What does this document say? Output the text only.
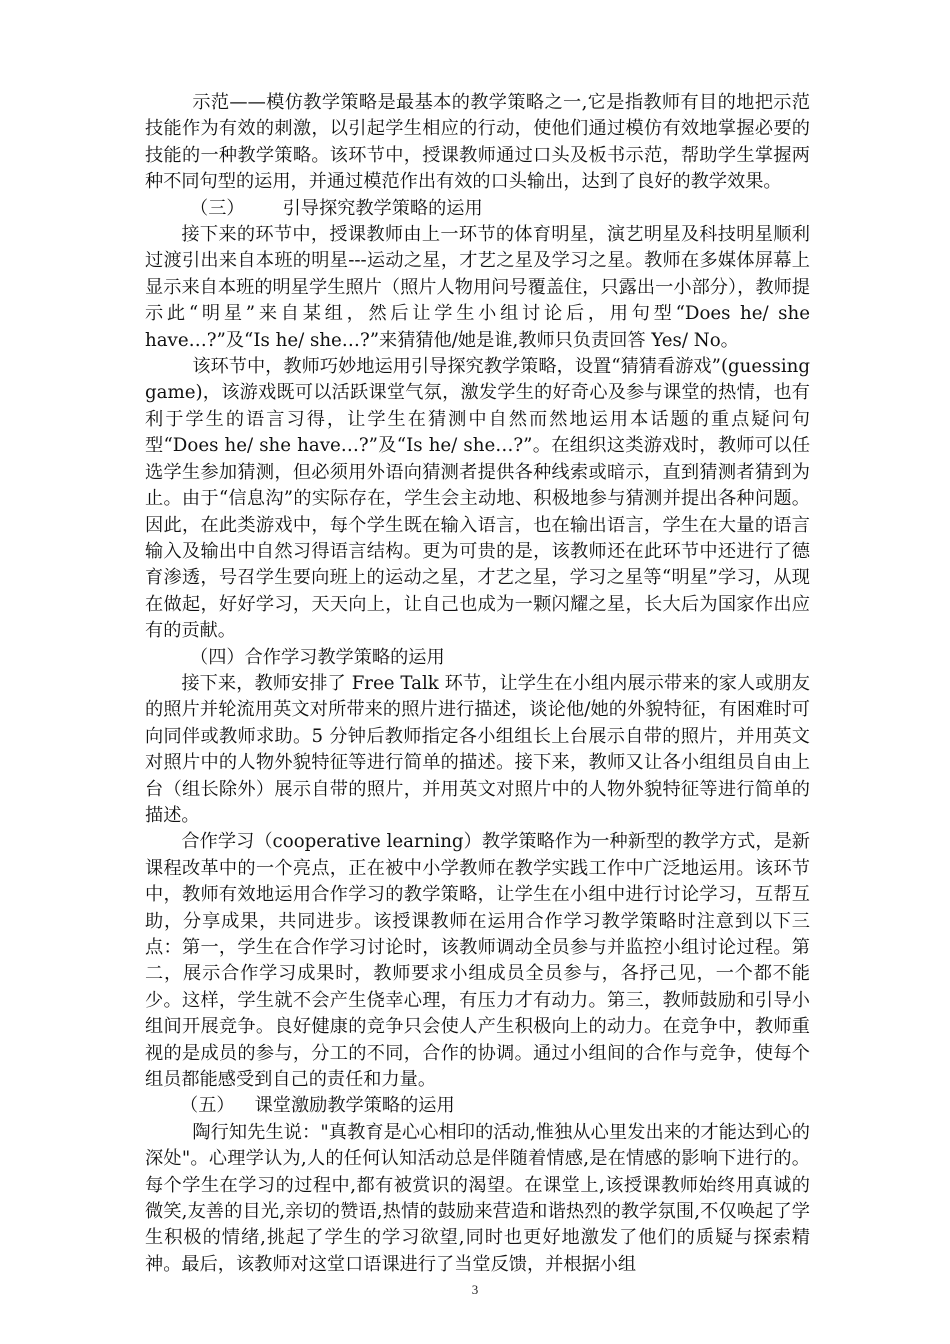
示范——模仿教学策略是最基本的教学策略之一,它是指教师有目的地把示范技能作为有效的刺激，以引起学生相应的行动，使他们通过模仿有效地掌握必要的技能的一种教学策略。该环节中，授课教师通过口头及板书示范，帮助学生掌握两种不同句型的运用，并通过模范作出有效的口头输出，达到了良好的教学效果。

（三） 引导探究教学策略的运用

接下来的环节中，授课教师由上一环节的体育明星，演艺明星及科技明星顺利过渡引出来自本班的明星---运动之星，才艺之星及学习之星。教师在多媒体屏幕上显示来自本班的明星学生照片（照片人物用问号覆盖住，只露出一小部分），教师提示此“明星”来自某组，然后让学生小组讨论后，用句型“Does he/ she have…?”及“Is he/ she…?”来猜猜他/她是谁,教师只负责回答 Yes/ No。

该环节中，教师巧妙地运用引导探究教学策略，设置“猜猜看游戏”(guessing game)，该游戏既可以活跃课堂气氛，激发学生的好奇心及参与课堂的热情，也有利于学生的语言习得，让学生在猜测中自然而然地运用本话题的重点疑问句型“Does he/ she have…?”及“Is he/ she…?”。在组织这类游戏时，教师可以任选学生参加猜测，但必须用外语向猜测者提供各种线索或暗示，直到猜测者猜到为止。由于“信息沟”的实际存在，学生会主动地、积极地参与猜测并提出各种问题。因此，在此类游戏中，每个学生既在输入语言，也在输出语言，学生在大量的语言输入及输出中自然习得语言结构。更为可贵的是，该教师还在此环节中还进行了德育渗透，号召学生要向班上的运动之星，才艺之星，学习之星等“明星”学习，从现在做起，好好学习，天天向上，让自己也成为一颗闪耀之星，长大后为国家作出应有的贡献。

（四）合作学习教学策略的运用

接下来，教师安排了 Free Talk 环节，让学生在小组内展示带来的家人或朋友的照片并轮流用英文对所带来的照片进行描述，谈论他/她的外貌特征，有困难时可向同伴或教师求助。5 分钟后教师指定各小组组长上台展示自带的照片，并用英文对照片中的人物外貌特征等进行简单的描述。接下来，教师又让各小组组员自由上台（组长除外）展示自带的照片，并用英文对照片中的人物外貌特征等进行简单的描述。

合作学习（cooperative learning）教学策略作为一种新型的教学方式，是新课程改革中的一个亮点，正在被中小学教师在教学实践工作中广泛地运用。该环节中，教师有效地运用合作学习的教学策略，让学生在小组中进行讨论学习，互帮互助，分享成果，共同进步。该授课教师在运用合作学习教学策略时注意到以下三点：第一，学生在合作学习讨论时，该教师调动全员参与并监控小组讨论过程。第二，展示合作学习成果时，教师要求小组成员全员参与，各抒己见，一个都不能少。这样，学生就不会产生侥幸心理，有压力才有动力。第三，教师鼓励和引导小组间开展竞争。良好健康的竞争只会使人产生积极向上的动力。在竞争中，教师重视的是成员的参与，分工的不同，合作的协调。通过小组间的合作与竞争，使每个组员都能感受到自己的责任和力量。

（五） 课堂激励教学策略的运用

陶行知先生说："真教育是心心相印的活动,惟独从心里发出来的才能达到心的深处"。心理学认为,人的任何认知活动总是伴随着情感,是在情感的影响下进行的。每个学生在学习的过程中,都有被赏识的渴望。在课堂上,该授课教师始终用真诚的微笑,友善的目光,亲切的赞语,热情的鼓励来营造和谐热烈的教学氛围,不仅唤起了学生积极的情绪,挑起了学生的学习欲望,同时也更好地激发了他们的质疑与探索精神。最后，该教师对这堂口语课进行了当堂反馈，并根据小组

3
